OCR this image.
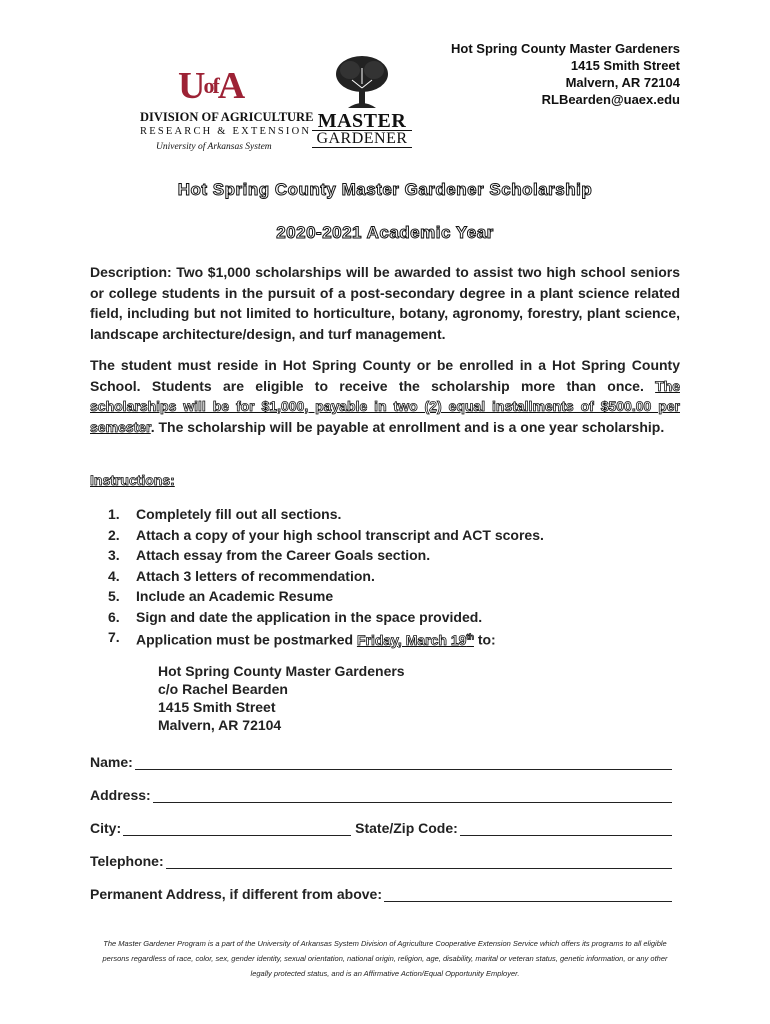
Hot Spring County Master Gardeners
1415 Smith Street
Malvern, AR 72104
RLBearden@uaex.edu
$U^{of}A$
DIVISION OF AGRICULTURE
RESEARCH & EXTENSION
University of Arkansas System
MASTER
GARDENER
Hot Spring County Master Gardener Scholarship
2020-2021 Academic Year
Description: Two $1,000 scholarships will be awarded to assist two high school seniors or college students in the pursuit of a post-secondary degree in a plant science related field, including but not limited to horticulture, botany, agronomy, forestry, plant science, landscape architecture/design, and turf management.
The student must reside in Hot Spring County or be enrolled in a Hot Spring County School. Students are eligible to receive the scholarship more than once. The scholarships will be for $1,000, payable in two (2) equal installments of $500.00 per semester. The scholarship will be payable at enrollment and is a one year scholarship.
Instructions:
1.	Completely fill out all sections.
2.	Attach a copy of your high school transcript and ACT scores.
3.	Attach essay from the Career Goals section.
4.	Attach 3 letters of recommendation.
5.	Include an Academic Resume
6.	Sign and date the application in the space provided.
7.	Application must be postmarked Friday, March 19th to:
Hot Spring County Master Gardeners
c/o Rachel Bearden
1415 Smith Street
Malvern, AR 72104
Name:
Address:
City:	State/Zip Code:
Telephone:
Permanent Address, if different from above:
The Master Gardener Program is a part of the University of Arkansas System Division of Agriculture Cooperative Extension Service which offers its programs to all eligible persons regardless of race, color, sex, gender identity, sexual orientation, national origin, religion, age, disability, marital or veteran status, genetic information, or any other legally protected status, and is an Affirmative Action/Equal Opportunity Employer.
